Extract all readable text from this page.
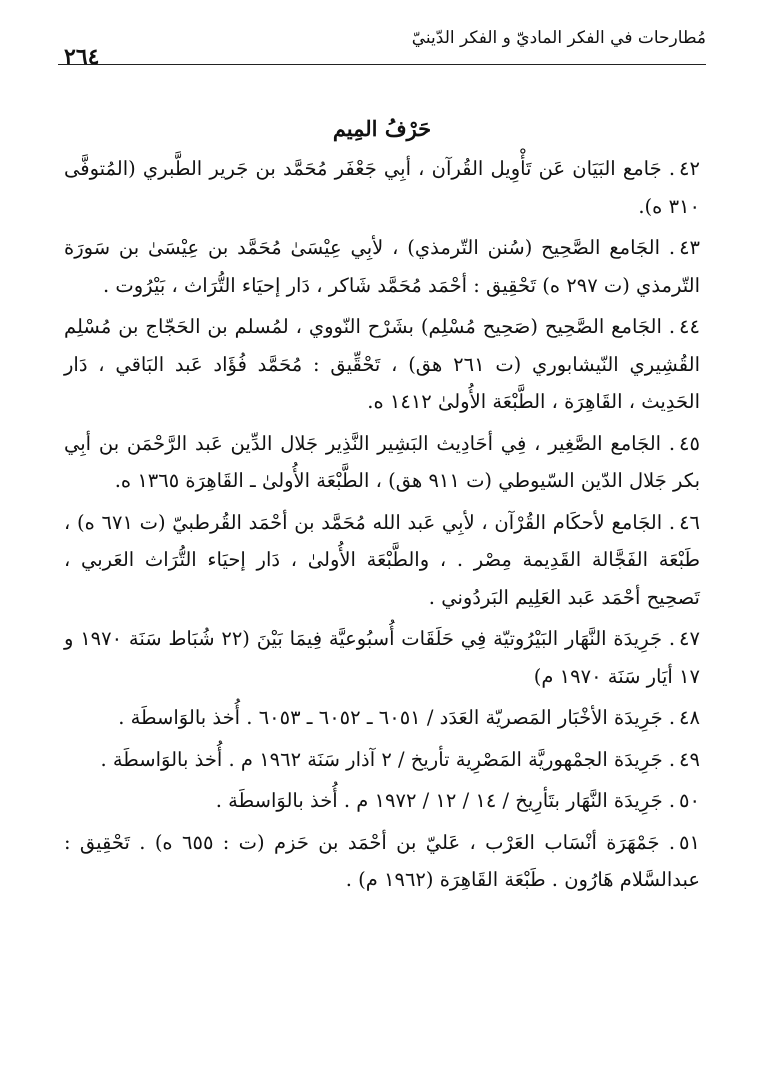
مُطارحات في الفكر الماديّ و الفكر الدّينيّ
٢٦٤
حَرْفُ المِيم

٤٢. جَامع البَيَان عَن تَأْوِيل القُرآن ، أبِي جَعْفَر مُحَمَّد بن جَرير الطَّبري (المُتوفَّى ٣١٠ ه).

٤٣. الجَامع الصَّحِيح (سُنن التّرمذي) ، لأبِي عِيْسَىٰ مُحَمَّد بن عِيْسَىٰ بن سَورَة التّرمذي (ت ٢٩٧ ه) تَحْقِيق : أحْمَد مُحَمَّد شَاكر ، دَار إحيَاء التُّرَاث ، بَيْرُوت .

٤٤. الجَامع الصَّحِيح (صَحِيح مُسْلِم) بشَرْح النّووي ، لمُسلم بن الحَجّاج بن مُسْلِم القُشِيري النّيشابوري (ت ٢٦١ هق) ، تَحْقِّيق : مُحَمَّد فُؤَاد عَبد البَاقي ، دَار الحَدِيث ، القَاهِرَة ، الطَّبْعَة الأُولىٰ ١٤١٢ ه.

٤٥. الجَامع الصَّغِير ، فِي أحَادِيث البَشِير النَّذِير جَلال الدِّين عَبد الرَّحْمَن بن أبِي بكر جَلال الدّين السّيوطي (ت ٩١١ هق) ، الطَّبْعَة الأُولىٰ ـ القَاهِرَة ١٣٦٥ ه.

٤٦. الجَامع لأحكَام القُرْآن ، لأبِي عَبد الله مُحَمَّد بن أحْمَد القُرطبيّ (ت ٦٧١ ه) ، طَبْعَة الفَجَّالة القَدِيمة مِصْر . ، والطَّبْعَة الأُولىٰ ، دَار إحيَاء التُّرَاث العَربي ، تَصحِيح أحْمَد عَبد العَلِيم البَردُوني .

٤٧. جَرِيدَة النَّهَار البَيْرُوتيّة فِي حَلَقَات أُسبُوعيَّة فِيمَا بَيْنَ (٢٢ شُبَاط سَنَة ١٩٧٠ و ١٧ أيَار سَنَة ١٩٧٠ م)

٤٨. جَرِيدَة الأخْبَار المَصريّة العَدَد / ٦٠٥١ ـ ٦٠٥٢ ـ ٦٠٥٣ . أُخذ بالوَاسطَة .

٤٩. جَرِيدَة الجمْهوريَّة المَصْرِية تأريخ / ٢ آذار سَنَة ١٩٦٢ م . أُخذ بالوَاسطَة .

٥٠. جَرِيدَة النَّهَار بتَأرِيخ / ١٤ / ١٢ / ١٩٧٢ م . أُخذ بالوَاسطَة .

٥١. جَمْهَرَة أنْسَاب العَرْب ، عَليّ بن أحْمَد بن حَزم (ت : ٦٥٥ ه) . تَحْقِيق : عبدالسَّلام هَارُون . طَبْعَة القَاهِرَة (١٩٦٢ م) .
